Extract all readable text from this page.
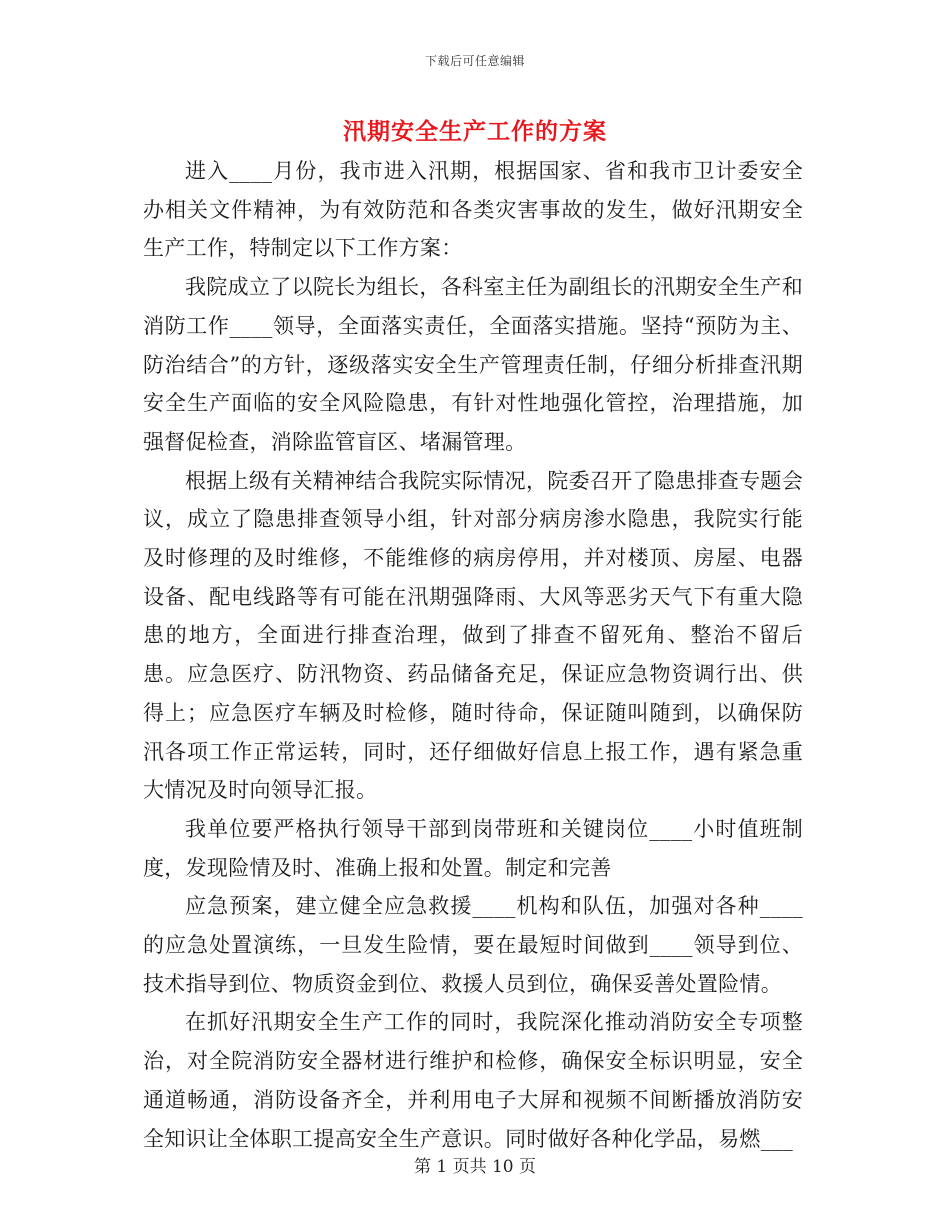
下载后可任意编辑
汛期安全生产工作的方案

进入____月份，我市进入汛期，根据国家、省和我市卫计委安全办相关文件精神，为有效防范和各类灾害事故的发生，做好汛期安全生产工作，特制定以下工作方案：

我院成立了以院长为组长，各科室主任为副组长的汛期安全生产和消防工作____领导，全面落实责任，全面落实措施。坚持“预防为主、防治结合”的方针，逐级落实安全生产管理责任制，仔细分析排查汛期安全生产面临的安全风险隐患，有针对性地强化管控，治理措施，加强督促检查，消除监管盲区、堵漏管理。

根据上级有关精神结合我院实际情况，院委召开了隐患排查专题会议，成立了隐患排查领导小组，针对部分病房渗水隐患，我院实行能及时修理的及时维修，不能维修的病房停用，并对楼顶、房屋、电器设备、配电线路等有可能在汛期强降雨、大风等恶劣天气下有重大隐患的地方，全面进行排查治理，做到了排查不留死角、整治不留后患。应急医疗、防汛物资、药品储备充足，保证应急物资调行出、供得上；应急医疗车辆及时检修，随时待命，保证随叫随到，以确保防汛各项工作正常运转，同时，还仔细做好信息上报工作，遇有紧急重大情况及时向领导汇报。

我单位要严格执行领导干部到岗带班和关键岗位____小时值班制度，发现险情及时、准确上报和处置。制定和完善

应急预案，建立健全应急救援____机构和队伍，加强对各种____的应急处置演练，一旦发生险情，要在最短时间做到____领导到位、技术指导到位、物质资金到位、救援人员到位，确保妥善处置险情。

在抓好汛期安全生产工作的同时，我院深化推动消防安全专项整治，对全院消防安全器材进行维护和检修，确保安全标识明显，安全通道畅通，消防设备齐全，并利用电子大屏和视频不间断播放消防安全知识让全体职工提高安全生产意识。同时做好各种化学品，易燃___

第 1 页共 10 页
